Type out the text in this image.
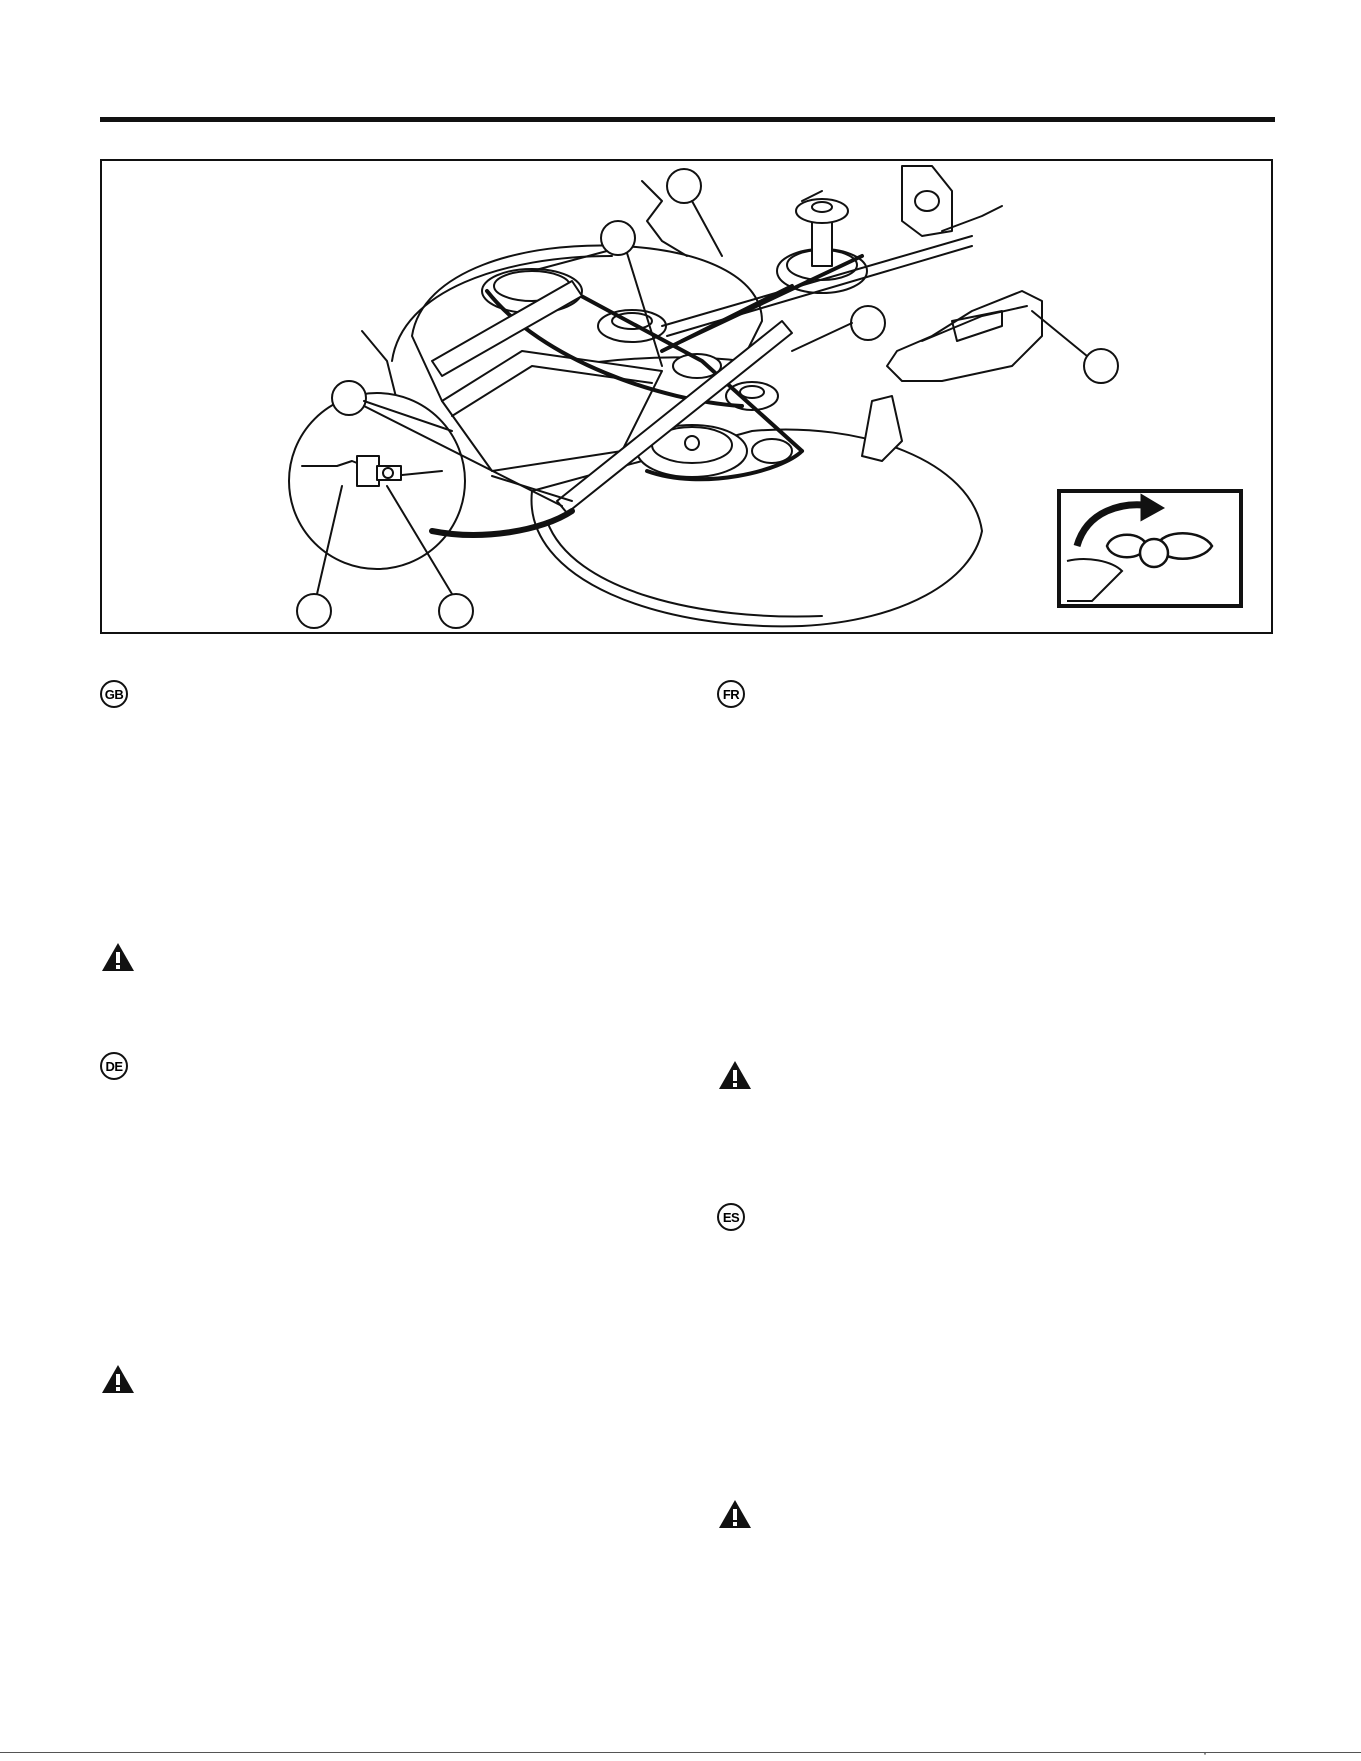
GB	FR
DE
ES
·
